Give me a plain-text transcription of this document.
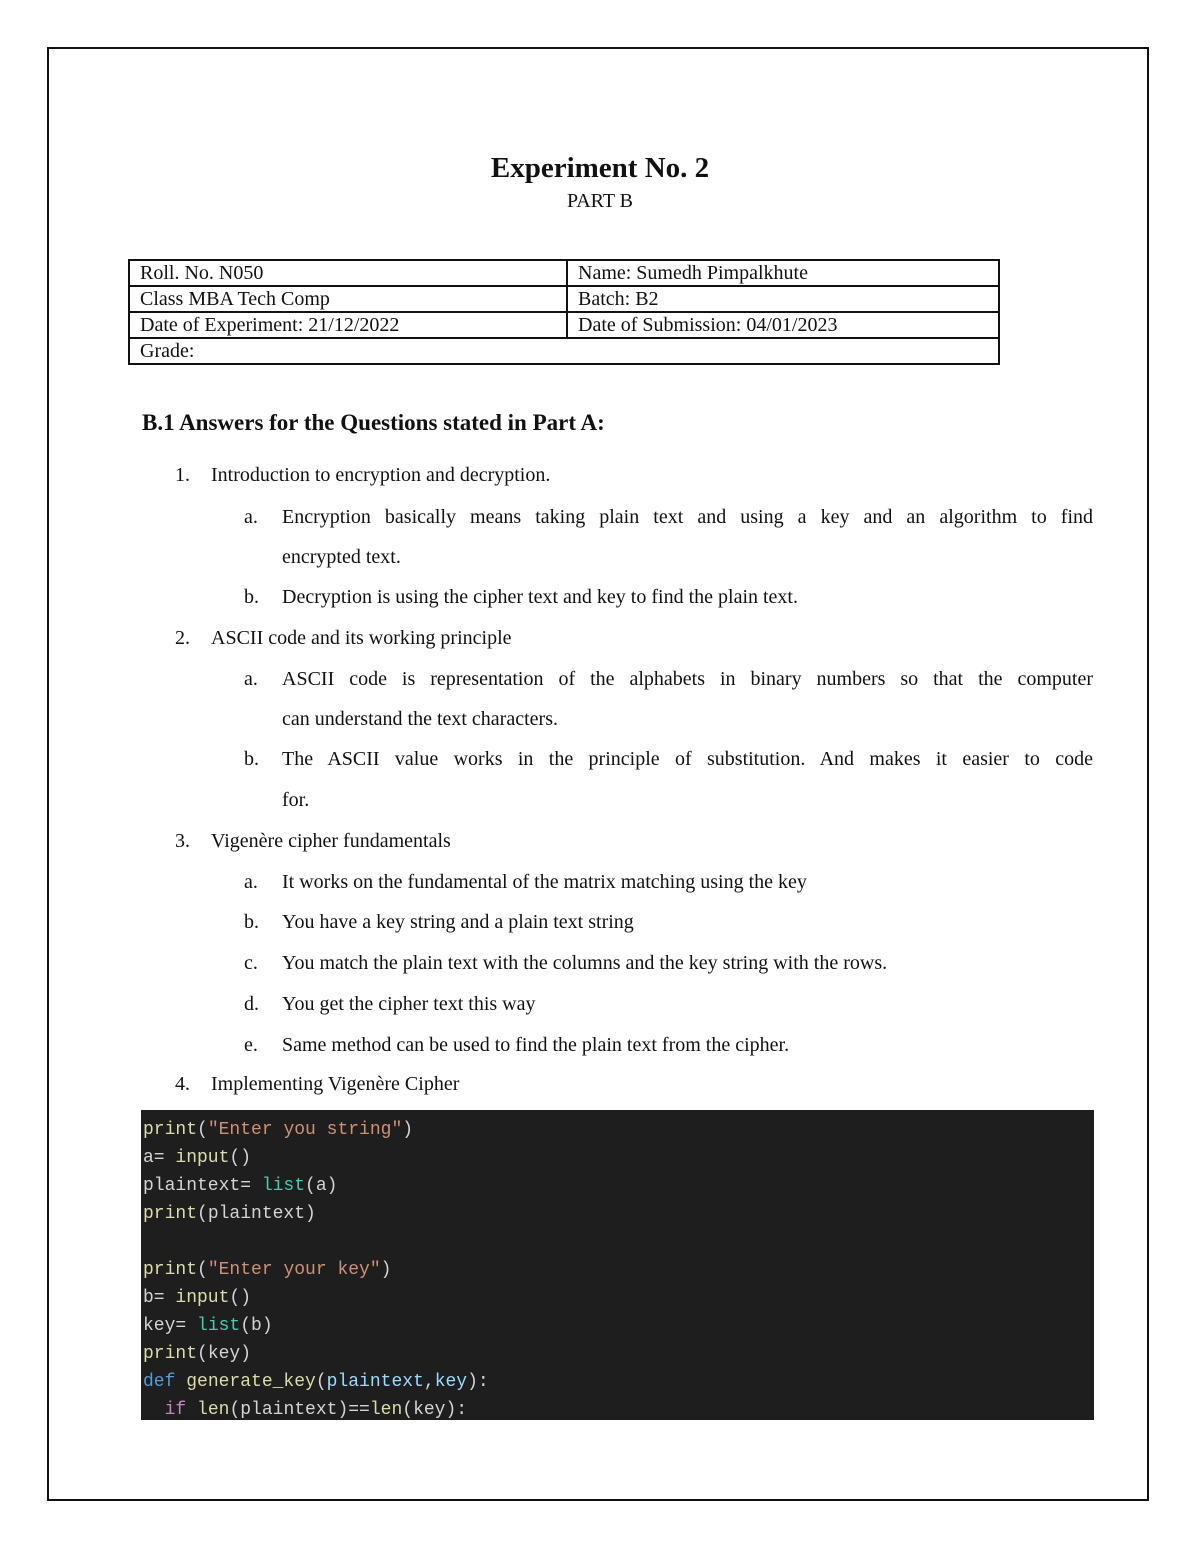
Experiment No. 2
PART B
Roll. No. N050	Name: Sumedh Pimpalkhute
Class MBA Tech Comp	Batch: B2
Date of Experiment: 21/12/2022	Date of Submission: 04/01/2023
Grade:	
B.1 Answers for the Questions stated in Part A:
1. Introduction to encryption and decryption.
a. Encryption basically means taking plain text and using a key and an algorithm to find
encrypted text.
b. Decryption is using the cipher text and key to find the plain text.
2. ASCII code and its working principle
a. ASCII code is representation of the alphabets in binary numbers so that the computer
can understand the text characters.
b. The ASCII value works in the principle of substitution. And makes it easier to code
for.
3. Vigenère cipher fundamentals
a. It works on the fundamental of the matrix matching using the key
b. You have a key string and a plain text string
c. You match the plain text with the columns and the key string with the rows.
d. You get the cipher text this way
e. Same method can be used to find the plain text from the cipher.
4. Implementing Vigenère Cipher
print("Enter you string")
a= input()
plaintext= list(a)
print(plaintext)

print("Enter your key")
b= input()
key= list(b)
print(key)
def generate_key(plaintext,key):
if len(plaintext)==len(key):
